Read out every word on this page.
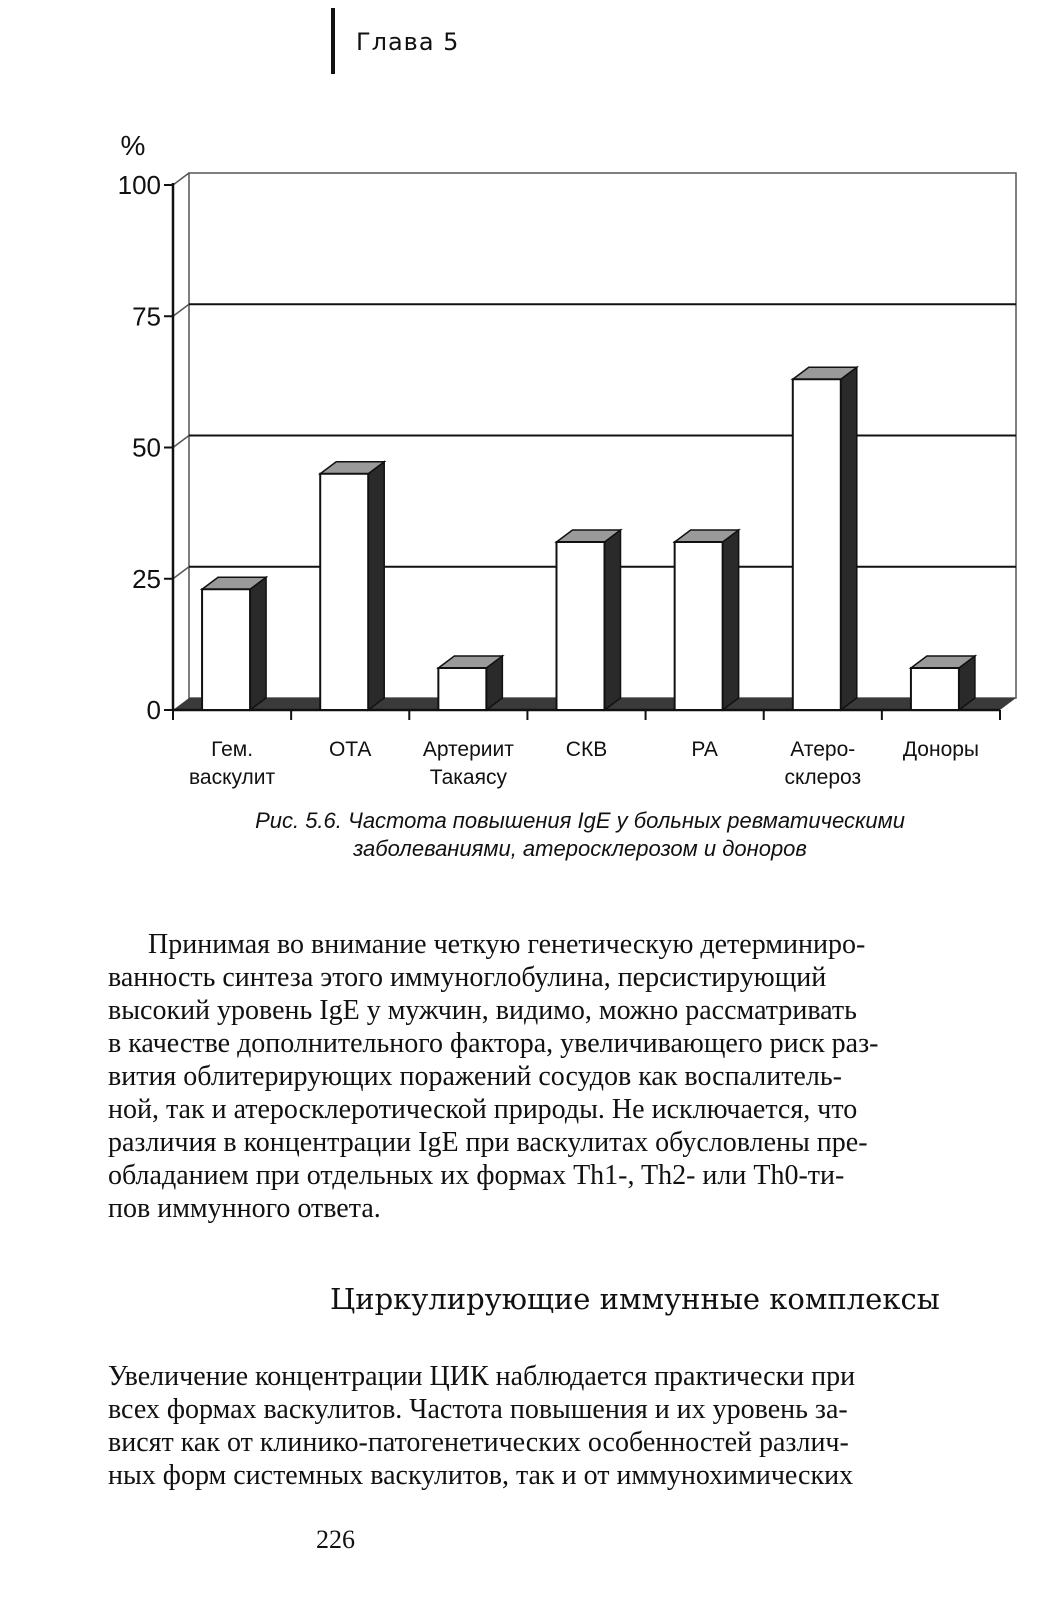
Глава 5
0
25
50
75
100
%
Гем.
васкулит
ОТА Артериит
Такаясу
СКВ	РА	Атеро-
склероз
Доноры
Рис. 5.6. Частота повышения IgE у больных ревматическими
заболеваниями, атеросклерозом и доноров
Принимая во внимание четкую генетическую детерминиро-
ванность синтеза этого иммуноглобулина, персистирующий
высокий уровень IgE у мужчин, видимо, можно рассматривать
в качестве дополнительного фактора, увеличивающего риск раз-
вития облитерирующих поражений сосудов как воспалитель-
ной, так и атеросклеротической природы. Не исключается, что
различия в концентрации IgE при васкулитах обусловлены пре-
обладанием при отдельных их формах Th1-, Th2- или Th0-ти-
пов иммунного ответа.
Циркулирующие иммунные комплексы
Увеличение концентрации ЦИК наблюдается практически при
всех формах васкулитов. Частота повышения и их уровень за-
висят как от клинико-патогенетических особенностей различ-
ных форм системных васкулитов, так и от иммунохимических
226
